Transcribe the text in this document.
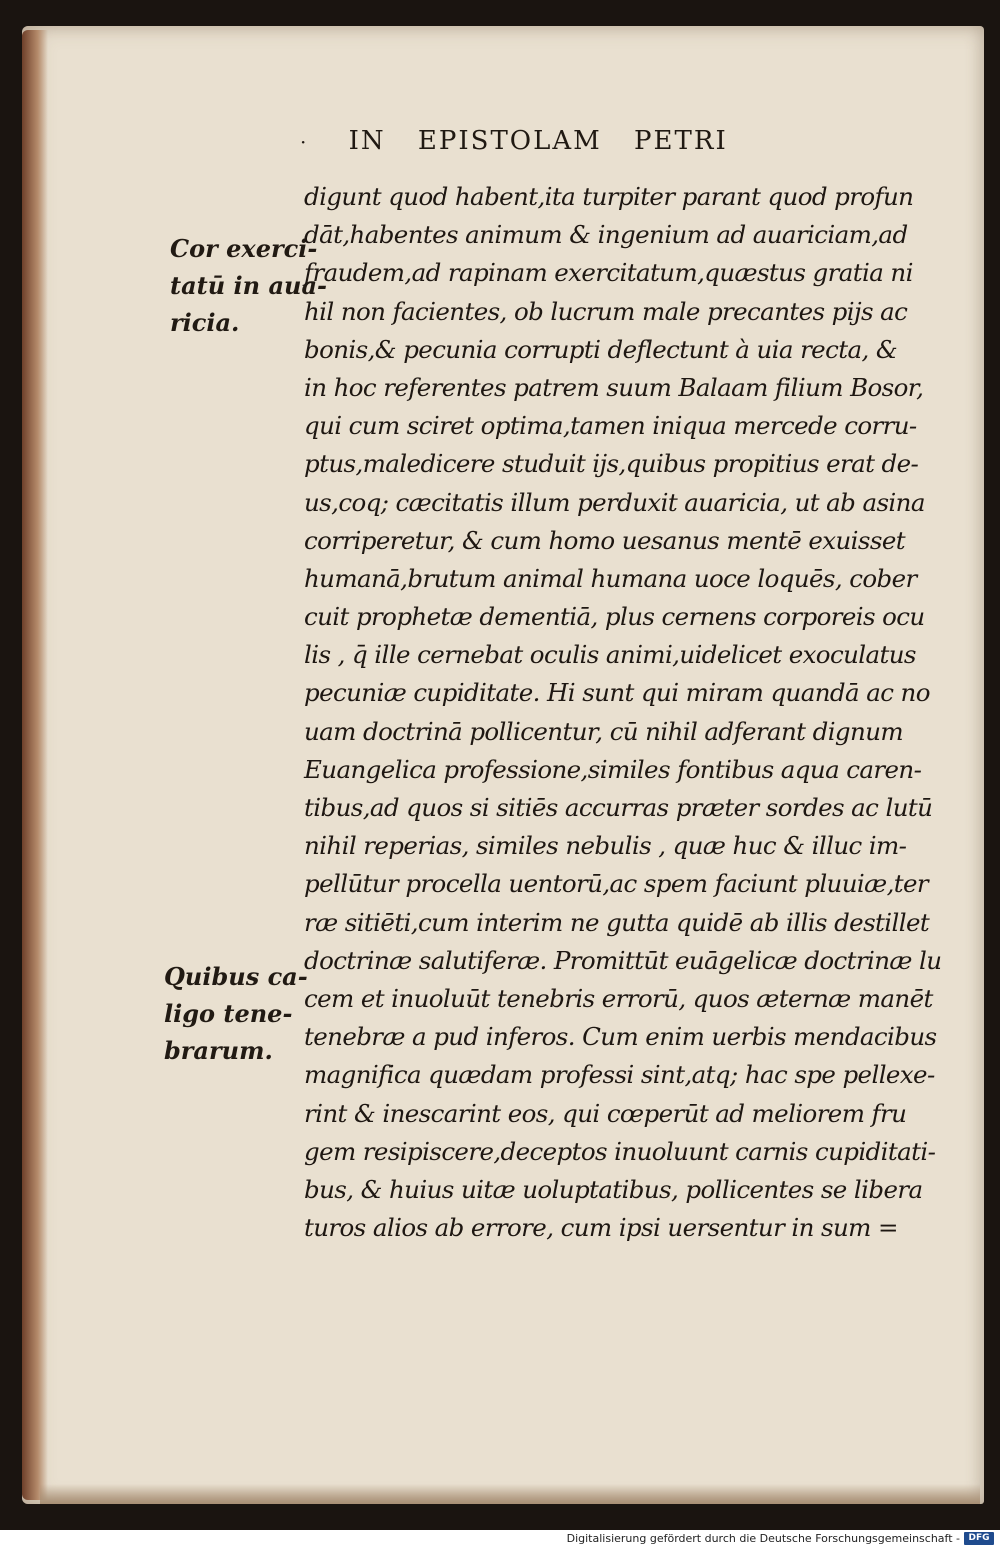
· IN EPISTOLAM PETRI
Cor exerci-
tatū in aua-
ricia.
Quibus ca-
ligo tene-
brarum.
digunt quod habent,ita turpiter parant quod profun
dāt,habentes animum & ingenium ad auariciam,ad
fraudem,ad rapinam exercitatum,quæstus gratia ni
hil non facientes, ob lucrum male precantes pijs ac
bonis,& pecunia corrupti deflectunt à uia recta, &
in hoc referentes patrem suum Balaam filium Bosor,
qui cum sciret optima,tamen iniqua mercede corru-
ptus,maledicere studuit ijs,quibus propitius erat de-
us,coq; cæcitatis illum perduxit auaricia, ut ab asina
corriperetur, & cum homo uesanus mentē exuisset
humanā,brutum animal humana uoce loquēs, cober
cuit prophetæ dementiā, plus cernens corporeis ocu
lis , q̄ ille cernebat oculis animi,uidelicet exoculatus
pecuniæ cupiditate. Hi sunt qui miram quandā ac no
uam doctrinā pollicentur, cū nihil adferant dignum
Euangelica professione,similes fontibus aqua caren-
tibus,ad quos si sitiēs accurras præter sordes ac lutū
nihil reperias, similes nebulis , quæ huc & illuc im-
pellūtur procella uentorū,ac spem faciunt pluuiæ,ter
ræ sitiēti,cum interim ne gutta quidē ab illis destillet
doctrinæ salutiferæ. Promittūt euāgelicæ doctrinæ lu
cem et inuoluūt tenebris errorū, quos æternæ manēt
tenebræ a pud inferos. Cum enim uerbis mendacibus
magnifica quædam professi sint,atq; hac spe pellexe-
rint & inescarint eos, qui cœperūt ad meliorem fru
gem resipiscere,deceptos inuoluunt carnis cupiditati-
bus, & huius uitæ uoluptatibus, pollicentes se libera
turos alios ab errore, cum ipsi uersentur in sum =
Digitalisierung gefördert durch die Deutsche Forschungsgemeinschaft - DFG
